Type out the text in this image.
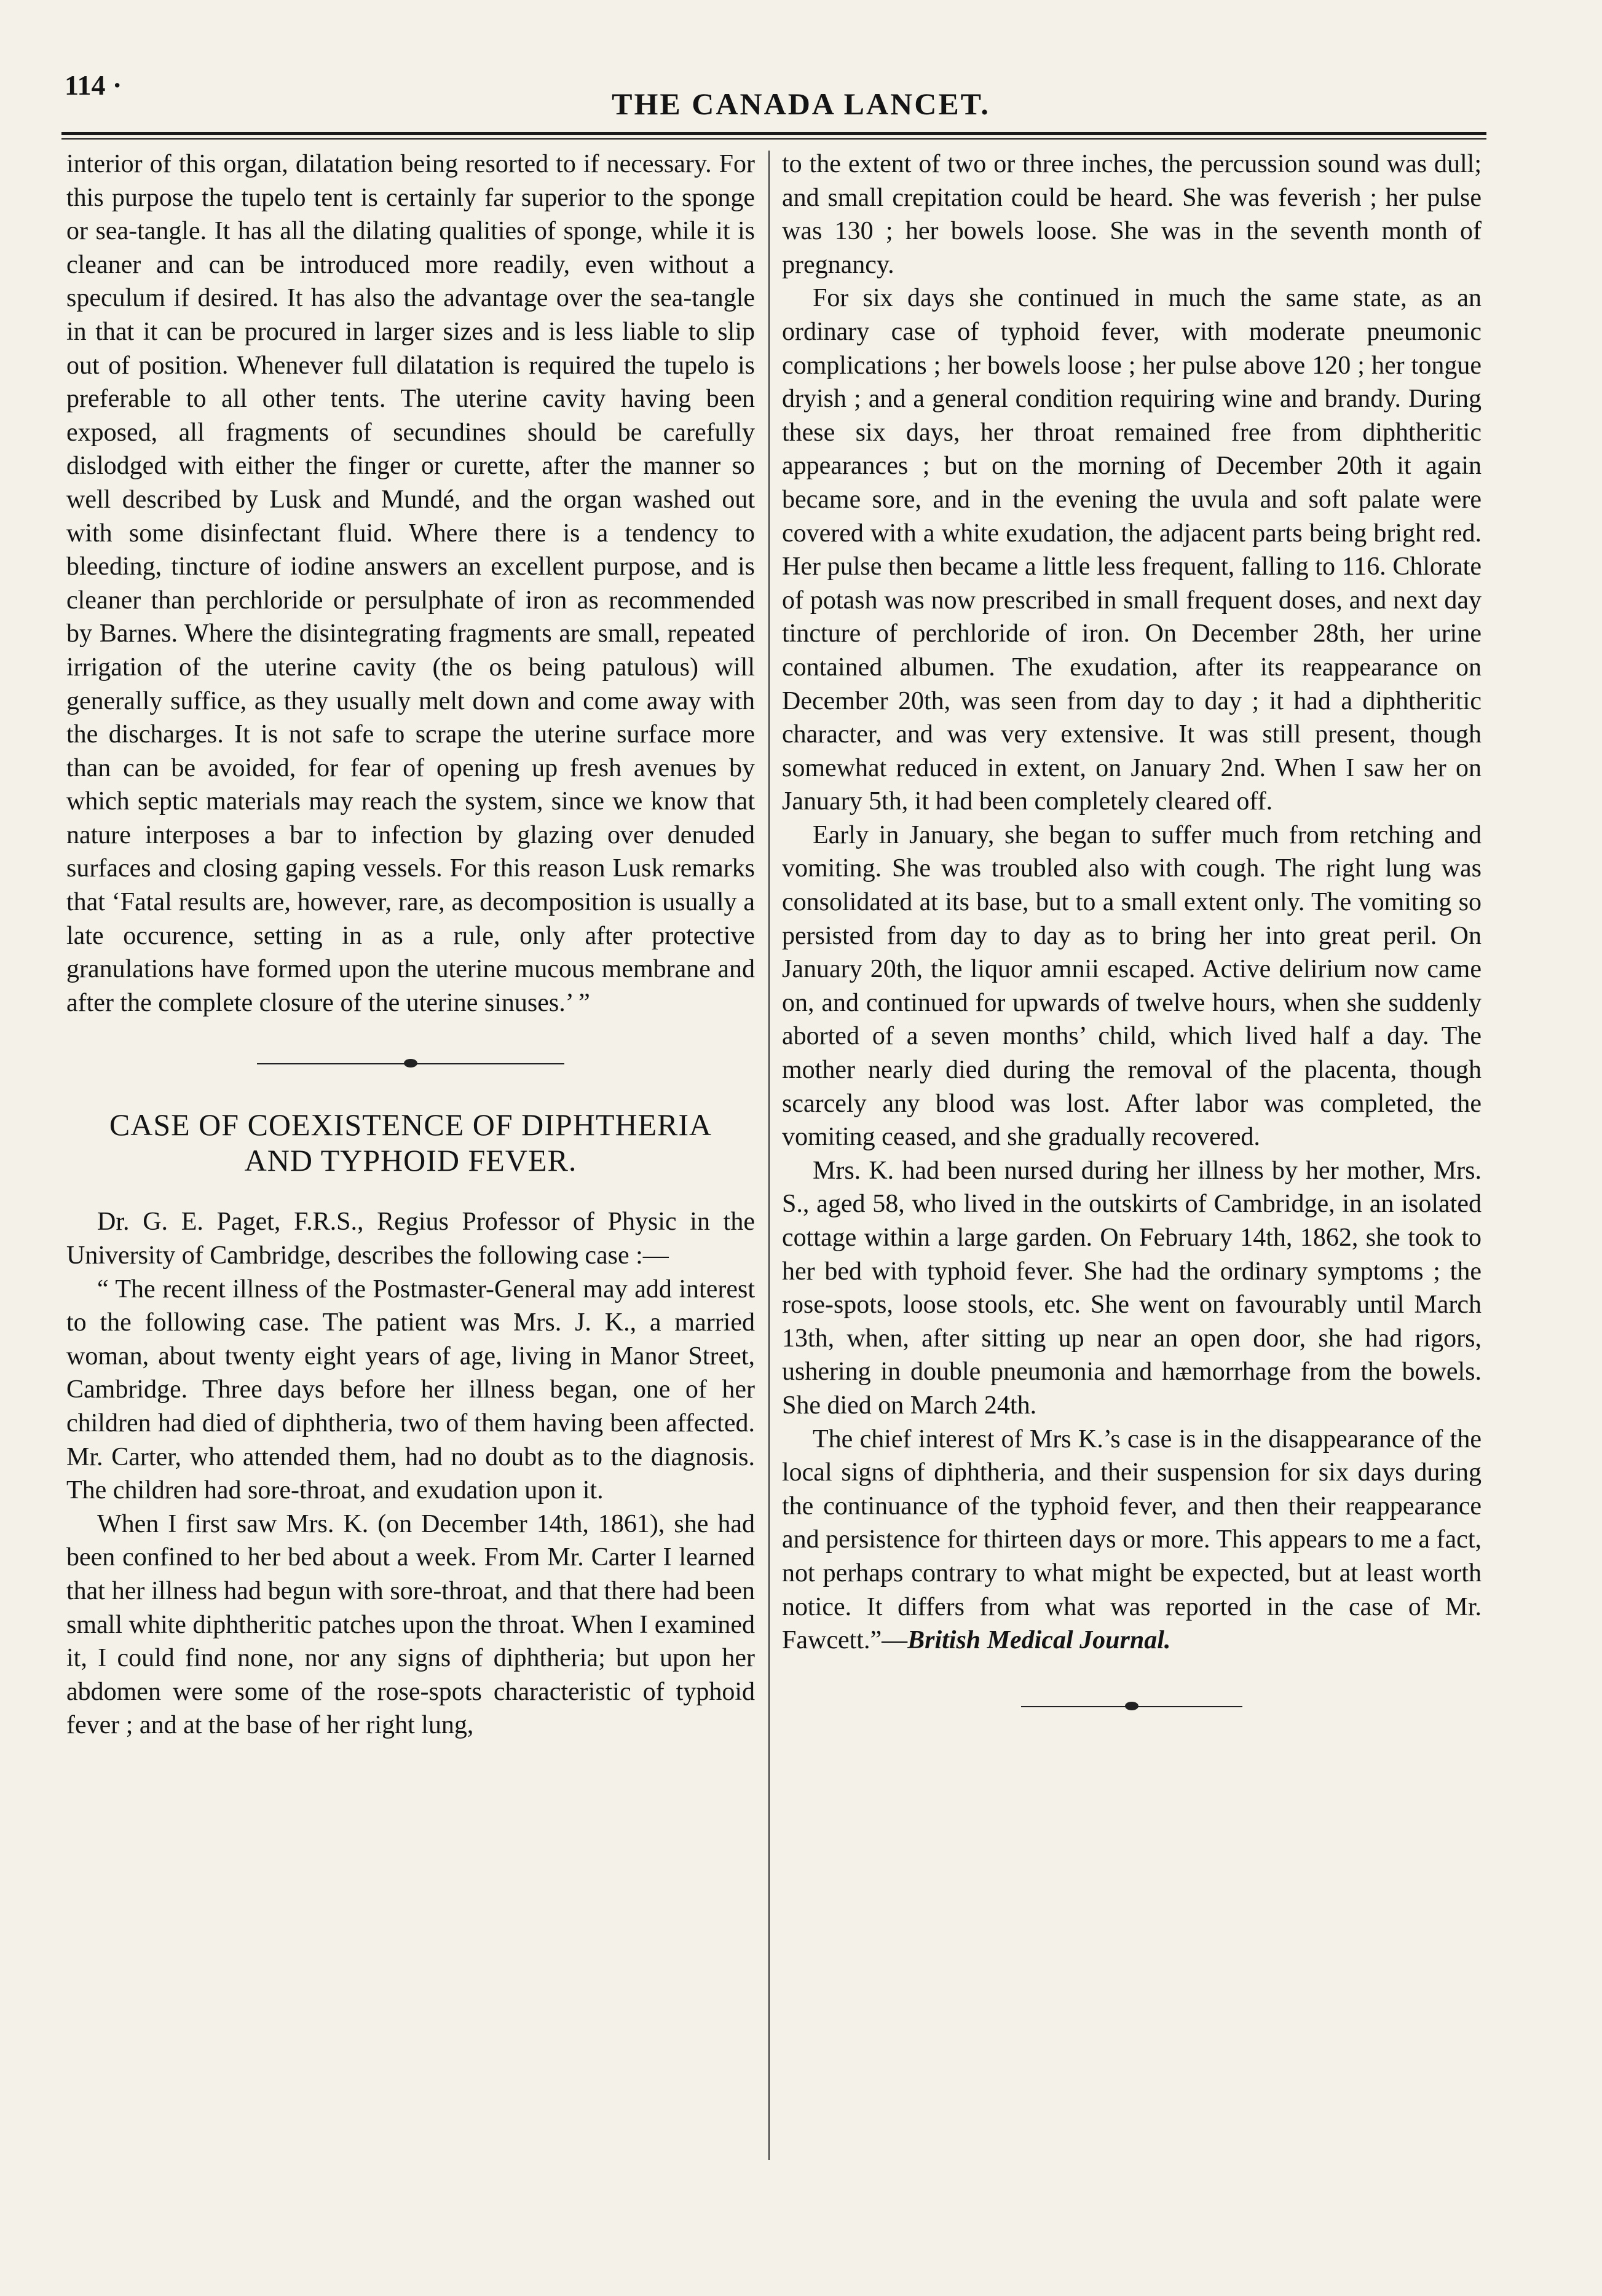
114 ·
THE CANADA LANCET.

interior of this organ, dilatation being resorted to if necessary. For this purpose the tupelo tent is certainly far superior to the sponge or sea-tangle. It has all the dilating qualities of sponge, while it is cleaner and can be introduced more readily, even without a speculum if desired. It has also the advantage over the sea-tangle in that it can be procured in larger sizes and is less liable to slip out of position. Whenever full dilatation is required the tupelo is preferable to all other tents. The uterine cavity having been exposed, all fragments of secundines should be carefully dislodged with either the finger or curette, after the manner so well described by Lusk and Mundé, and the organ washed out with some disinfectant fluid. Where there is a tendency to bleeding, tincture of iodine answers an excellent purpose, and is cleaner than perchloride or persulphate of iron as recommended by Barnes. Where the disintegrating fragments are small, repeated irrigation of the uterine cavity (the os being patulous) will generally suffice, as they usually melt down and come away with the discharges. It is not safe to scrape the uterine surface more than can be avoided, for fear of opening up fresh avenues by which septic materials may reach the system, since we know that nature interposes a bar to infection by glazing over denuded surfaces and closing gaping vessels. For this reason Lusk remarks that ‘Fatal results are, however, rare, as decomposition is usually a late occurence, setting in as a rule, only after protective granulations have formed upon the uterine mucous membrane and after the complete closure of the uterine sinuses.’ ”

CASE OF COEXISTENCE OF DIPHTHERIA
AND TYPHOID FEVER.

Dr. G. E. Paget, F.R.S., Regius Professor of Physic in the University of Cambridge, describes the following case :—

“ The recent illness of the Postmaster-General may add interest to the following case. The patient was Mrs. J. K., a married woman, about twenty eight years of age, living in Manor Street, Cambridge. Three days before her illness began, one of her children had died of diphtheria, two of them having been affected. Mr. Carter, who attended them, had no doubt as to the diagnosis. The children had sore-throat, and exudation upon it.

When I first saw Mrs. K. (on December 14th, 1861), she had been confined to her bed about a week. From Mr. Carter I learned that her illness had begun with sore-throat, and that there had been small white diphtheritic patches upon the throat. When I examined it, I could find none, nor any signs of diphtheria; but upon her abdomen were some of the rose-spots characteristic of typhoid fever ; and at the base of her right lung,

to the extent of two or three inches, the percussion sound was dull; and small crepitation could be heard. She was feverish ; her pulse was 130 ; her bowels loose. She was in the seventh month of pregnancy.

For six days she continued in much the same state, as an ordinary case of typhoid fever, with moderate pneumonic complications ; her bowels loose ; her pulse above 120 ; her tongue dryish ; and a general condition requiring wine and brandy. During these six days, her throat remained free from diphtheritic appearances ; but on the morning of December 20th it again became sore, and in the evening the uvula and soft palate were covered with a white exudation, the adjacent parts being bright red. Her pulse then became a little less frequent, falling to 116. Chlorate of potash was now prescribed in small frequent doses, and next day tincture of perchloride of iron. On December 28th, her urine contained albumen. The exudation, after its reappearance on December 20th, was seen from day to day ; it had a diphtheritic character, and was very extensive. It was still present, though somewhat reduced in extent, on January 2nd. When I saw her on January 5th, it had been completely cleared off.

Early in January, she began to suffer much from retching and vomiting. She was troubled also with cough. The right lung was consolidated at its base, but to a small extent only. The vomiting so persisted from day to day as to bring her into great peril. On January 20th, the liquor amnii escaped. Active delirium now came on, and continued for upwards of twelve hours, when she suddenly aborted of a seven months’ child, which lived half a day. The mother nearly died during the removal of the placenta, though scarcely any blood was lost. After labor was completed, the vomiting ceased, and she gradually recovered.

Mrs. K. had been nursed during her illness by her mother, Mrs. S., aged 58, who lived in the outskirts of Cambridge, in an isolated cottage within a large garden. On February 14th, 1862, she took to her bed with typhoid fever. She had the ordinary symptoms ; the rose-spots, loose stools, etc. She went on favourably until March 13th, when, after sitting up near an open door, she had rigors, ushering in double pneumonia and hæmorrhage from the bowels. She died on March 24th.

The chief interest of Mrs K.’s case is in the disappearance of the local signs of diphtheria, and their suspension for six days during the continuance of the typhoid fever, and then their reappearance and persistence for thirteen days or more. This appears to me a fact, not perhaps contrary to what might be expected, but at least worth notice. It differs from what was reported in the case of Mr. Fawcett.”—British Medical Journal.
